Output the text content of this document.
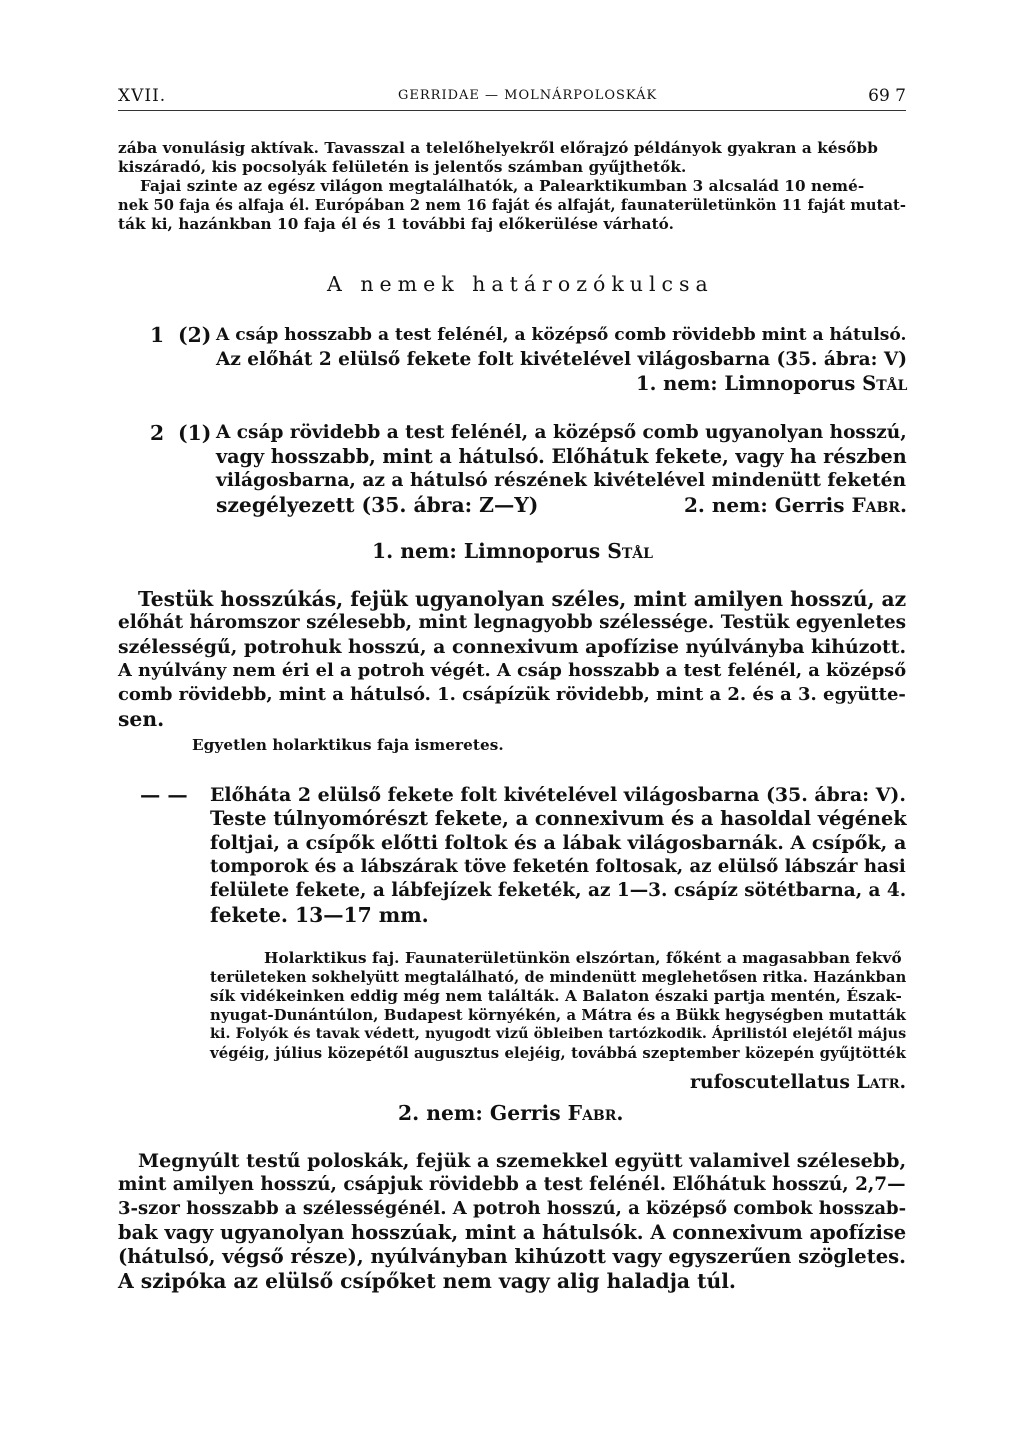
XVII.	GERRIDAE — MOLNÁRPOLOSKÁK	69 7
zába vonulásig aktívak. Tavasszal a telelőhelyekről előrajzó példányok gyakran a később
kiszáradó, kis pocsolyák felületén is jelentős számban gyűjthetők.
Fajai szinte az egész világon megtalálhatók, a Palearktikumban 3 alcsalád 10 nemé-
nek 50 faja és alfaja él. Európában 2 nem 16 faját és alfaját, faunaterületünkön 11 faját mutat-
ták ki, hazánkban 10 faja él és 1 további faj előkerülése várható.
A nemek határozókulcsa
1 (2) A csáp hosszabb a test felénél, a középső comb rövidebb mint a hátulsó.
Az előhát 2 elülső fekete folt kivételével világosbarna (35. ábra: V)
1. nem: Limnoporus Stål
2 (1) A csáp rövidebb a test felénél, a középső comb ugyanolyan hosszú,
vagy hosszabb, mint a hátulsó. Előhátuk fekete, vagy ha részben
világosbarna, az a hátulsó részének kivételével mindenütt feketén
szegélyezett (35. ábra: Z—Y)	2. nem: Gerris Fabr.
1. nem: Limnoporus Stål
Testük hosszúkás, fejük ugyanolyan széles, mint amilyen hosszú, az
előhát háromszor szélesebb, mint legnagyobb szélessége. Testük egyenletes
szélességű, potrohuk hosszú, a connexivum apofízise nyúlványba kihúzott.
A nyúlvány nem éri el a potroh végét. A csáp hosszabb a test felénél, a középső
comb rövidebb, mint a hátulsó. 1. csápízük rövidebb, mint a 2. és a 3. együtte-
sen.
Egyetlen holarktikus faja ismeretes.
— — Előháta 2 elülső fekete folt kivételével világosbarna (35. ábra: V).
Teste túlnyomórészt fekete, a connexivum és a hasoldal végének
foltjai, a csípők előtti foltok és a lábak világosbarnák. A csípők, a
tomporok és a lábszárak töve feketén foltosak, az elülső lábszár hasi
felülete fekete, a lábfejízek feketék, az 1—3. csápíz sötétbarna, a 4.
fekete. 13—17 mm.
Holarktikus faj. Faunaterületünkön elszórtan, főként a magasabban fekvő
területeken sokhelyütt megtalálható, de mindenütt meglehetősen ritka. Hazánkban
sík vidékeinken eddig még nem találták. A Balaton északi partja mentén, Észak-
nyugat-Dunántúlon, Budapest környékén, a Mátra és a Bükk hegységben mutatták
ki. Folyók és tavak védett, nyugodt vizű öbleiben tartózkodik. Áprilistól elejétől május
végéig, július közepétől augusztus elejéig, továbbá szeptember közepén gyűjtötték
rufoscutellatus Latr.
2. nem: Gerris Fabr.
Megnyúlt testű poloskák, fejük a szemekkel együtt valamivel szélesebb,
mint amilyen hosszú, csápjuk rövidebb a test felénél. Előhátuk hosszú, 2,7—
3-szor hosszabb a szélességénél. A potroh hosszú, a középső combok hosszab-
bak vagy ugyanolyan hosszúak, mint a hátulsók. A connexivum apofízise
(hátulsó, végső része), nyúlványban kihúzott vagy egyszerűen szögletes.
A szipóka az elülső csípőket nem vagy alig haladja túl.
